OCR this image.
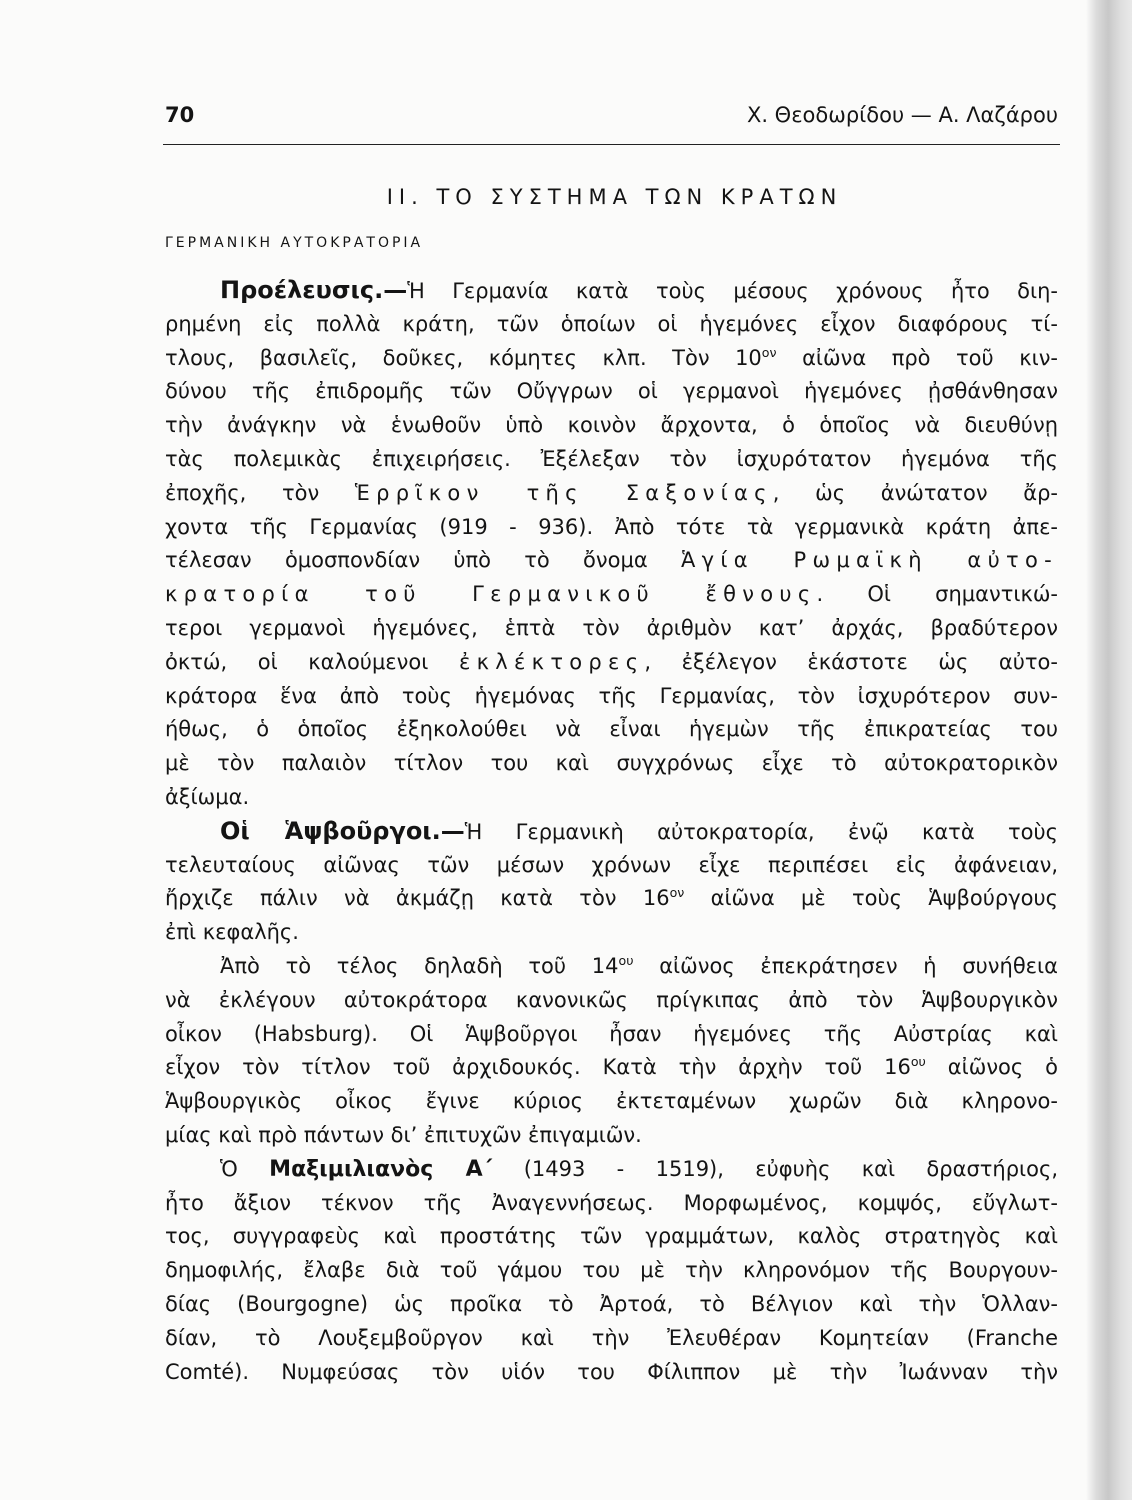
70	Χ. Θεοδωρίδου — Α. Λαζάρου
II. ΤΟ ΣΥΣΤΗΜΑ ΤΩΝ ΚΡΑΤΩΝ
ΓΕΡΜΑΝΙΚΗ ΑΥΤΟΚΡΑΤΟΡΙΑ
Προέλευσις.—Ἡ Γερμανία κατὰ τοὺς μέσους χρόνους ἦτο διη-
ρημένη εἰς πολλὰ κράτη, τῶν ὁποίων οἱ ἡγεμόνες εἶχον διαφόρους τί-
τλους, βασιλεῖς, δοῦκες, κόμητες κλπ. Τὸν $10^{o\nu}$ αἰῶνα πρὸ τοῦ κιν-
δύνου τῆς ἐπιδρομῆς τῶν Οὔγγρων οἱ γερμανοὶ ἡγεμόνες ᾐσθάνθησαν
τὴν ἀνάγκην νὰ ἑνωθοῦν ὑπὸ κοινὸν ἄρχοντα, ὁ ὁποῖος νὰ διευθύνῃ
τὰς πολεμικὰς ἐπιχειρήσεις. Ἐξέλεξαν τὸν ἰσχυρότατον ἡγεμόνα τῆς
ἐποχῆς, τὸν Ἑρρῖκον τῆς Σαξονίας, ὡς ἀνώτατον ἄρ-
χοντα τῆς Γερμανίας (919 - 936). Ἀπὸ τότε τὰ γερμανικὰ κράτη ἀπε-
τέλεσαν ὁμοσπονδίαν ὑπὸ τὸ ὄνομα Ἁγία Ρωμαϊκὴ αὐτο-
κρατορία τοῦ Γερμανικοῦ ἔθνους. Οἱ σημαντικώ-
τεροι γερμανοὶ ἡγεμόνες, ἑπτὰ τὸν ἀριθμὸν κατ’ ἀρχάς, βραδύτερον
ὀκτώ, οἱ καλούμενοι ἐκλέκτορες, ἐξέλεγον ἑκάστοτε ὡς αὐτο-
κράτορα ἕνα ἀπὸ τοὺς ἡγεμόνας τῆς Γερμανίας, τὸν ἰσχυρότερον συν-
ήθως, ὁ ὁποῖος ἐξηκολούθει νὰ εἶναι ἡγεμὼν τῆς ἐπικρατείας του
μὲ τὸν παλαιὸν τίτλον του καὶ συγχρόνως εἶχε τὸ αὐτοκρατορικὸν
ἀξίωμα.
Οἱ Ἁψβοῦργοι.—Ἡ Γερμανικὴ αὐτοκρατορία, ἐνῷ κατὰ τοὺς
τελευταίους αἰῶνας τῶν μέσων χρόνων εἶχε περιπέσει εἰς ἀφάνειαν,
ἤρχιζε πάλιν νὰ ἀκμάζῃ κατὰ τὸν $16^{o\nu}$ αἰῶνα μὲ τοὺς Ἁψβούργους
ἐπὶ κεφαλῆς.
Ἀπὸ τὸ τέλος δηλαδὴ τοῦ $14^{o\upsilon}$ αἰῶνος ἐπεκράτησεν ἡ συνήθεια
νὰ ἐκλέγουν αὐτοκράτορα κανονικῶς πρίγκιπας ἀπὸ τὸν Ἁψβουργικὸν
οἶκον (Habsburg). Οἱ Ἁψβοῦργοι ἦσαν ἡγεμόνες τῆς Αὐστρίας καὶ
εἶχον τὸν τίτλον τοῦ ἀρχιδουκός. Κατὰ τὴν ἀρχὴν τοῦ $16^{o\upsilon}$ αἰῶνος ὁ
Ἁψβουργικὸς οἶκος ἔγινε κύριος ἐκτεταμένων χωρῶν διὰ κληρονο-
μίας καὶ πρὸ πάντων δι’ ἐπιτυχῶν ἐπιγαμιῶν.
Ὁ Μαξιμιλιανὸς Α΄ (1493 - 1519), εὐφυὴς καὶ δραστήριος,
ἦτο ἄξιον τέκνον τῆς Ἀναγεννήσεως. Μορφωμένος, κομψός, εὔγλωτ-
τος, συγγραφεὺς καὶ προστάτης τῶν γραμμάτων, καλὸς στρατηγὸς καὶ
δημοφιλής, ἔλαβε διὰ τοῦ γάμου του μὲ τὴν κληρονόμον τῆς Βουργουν-
δίας (Bourgogne) ὡς προῖκα τὸ Ἀρτοά, τὸ Βέλγιον καὶ τὴν Ὁλλαν-
δίαν, τὸ Λουξεμβοῦργον καὶ τὴν Ἐλευθέραν Κομητείαν (Franche
Comté). Νυμφεύσας τὸν υἱόν του Φίλιππον μὲ τὴν Ἰωάνναν τὴν
